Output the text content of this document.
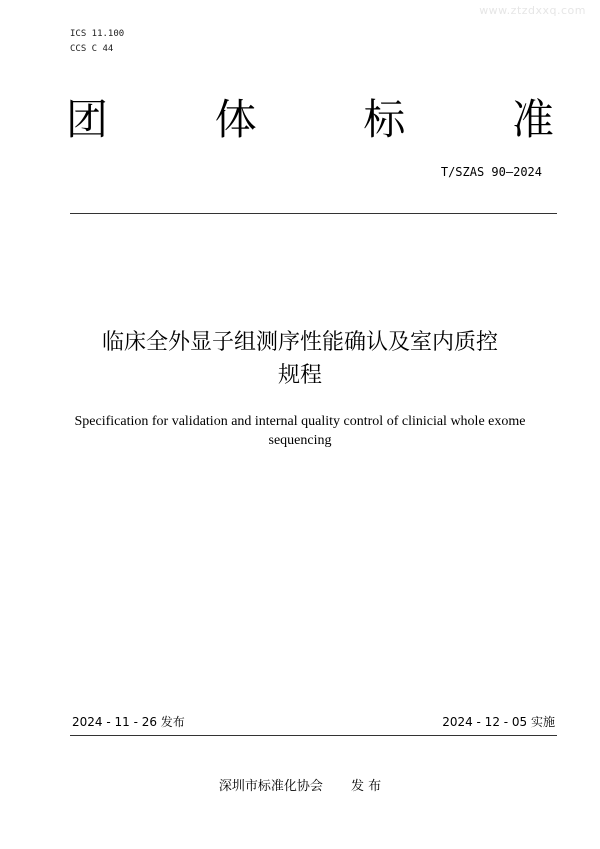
www.ztzdxxq.com
ICS 11.100
CCS C 44
团	体	标	准
T/SZAS 90—2024
临床全外显子组测序性能确认及室内质控
规程
Specification for validation and internal quality control of clinicial whole exome
sequencing
2024 - 11 - 26 发布	2024 - 12 - 05 实施
深圳市标准化协会 发 布
